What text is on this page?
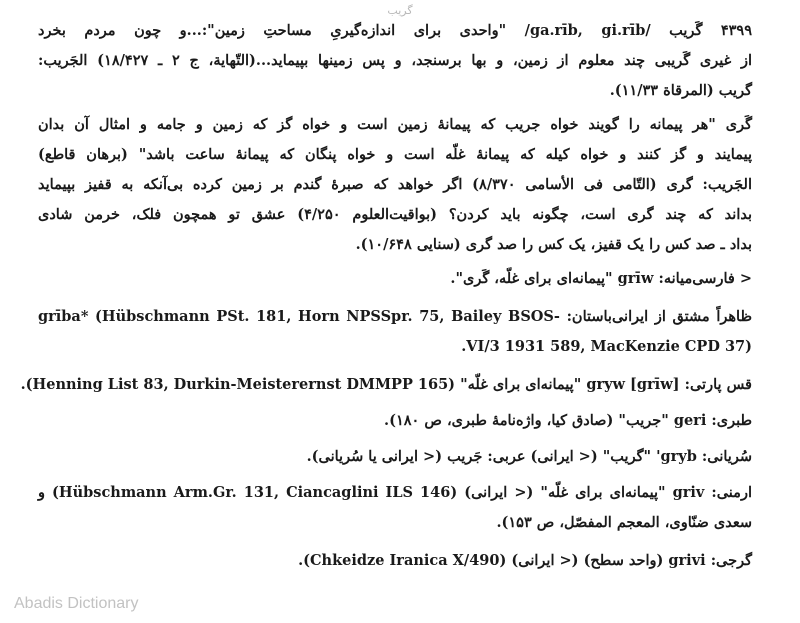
گریب
۴۳۹۹ گَریب /ga.rīb, gi.rīb/ "واحدی برای اندازه‌گیریِ مساحتِ زمین":...و چون مردم بخرد
از غیری گَریبی چند معلوم از زمین، و بها برسنجد، و پس زمینها بپیماید...(التّهایة، ج ۲ ـ ۱۸/۴۲۷) الجَریب:
گریب (المرقاة ۱۱/۳۳).
گَری "هر پیمانه را گویند خواه جریب که پیمانهٔ زمین است و خواه گز که زمین و جامه و امثال آن بدان
پیمایند و گز کنند و خواه کیله که پیمانهٔ غلّه است و خواه پنگان که پیمانهٔ ساعت باشد" (برهان قاطع)
الجَریب: گری (التّامی فی الأسامی ۸/۳۷۰) اگر خواهد که صبرهٔ گندم بر زمین کرده بی‌آنکه به قفیز بپیماید
بداند که چند گری است، چگونه باید کردن؟ (بواقیت‌العلوم ۴/۲۵۰) عشق تو همچون فلک، خرمن شادی
بداد ـ صد کس را یک قفیز، یک کس را صد گری (سنایی ۱۰/۶۴۸).
< فارسی‌میانه: grīw "پیمانه‌ای برای غلّه، گَری".
ظاهراً مشتق از ایرانی‌باستان: -grība* (Hübschmann PSt. 181, Horn NPSSpr. 75, Bailey BSOS
(VI/3 1931 589, MacKenzie CPD 37.
قس پارتی: gryw [grīw] "پیمانه‌ای برای غلّه" (Henning List 83, Durkin-Meisterernst DMMPP 165).
طبری: geri "جریب" (صادق کیا، واژه‌نامهٔ طبری، ص ۱۸۰).
سُریانی: gryb' "گریب" (< ایرانی) عربی: جَریب (< ایرانی یا سُریانی).
ارمنی: griv "پیمانه‌ای برای غلّه" (< ایرانی) (Hübschmann Arm.Gr. 131, Ciancaglini ILS 146) و
سعدی ضنّاوی، المعجم المفصّل، ص ۱۵۳).
گرجی: grivi (واحد سطح) (< ایرانی) (Chkeidze Iranica X/490).
Abadis Dictionary
